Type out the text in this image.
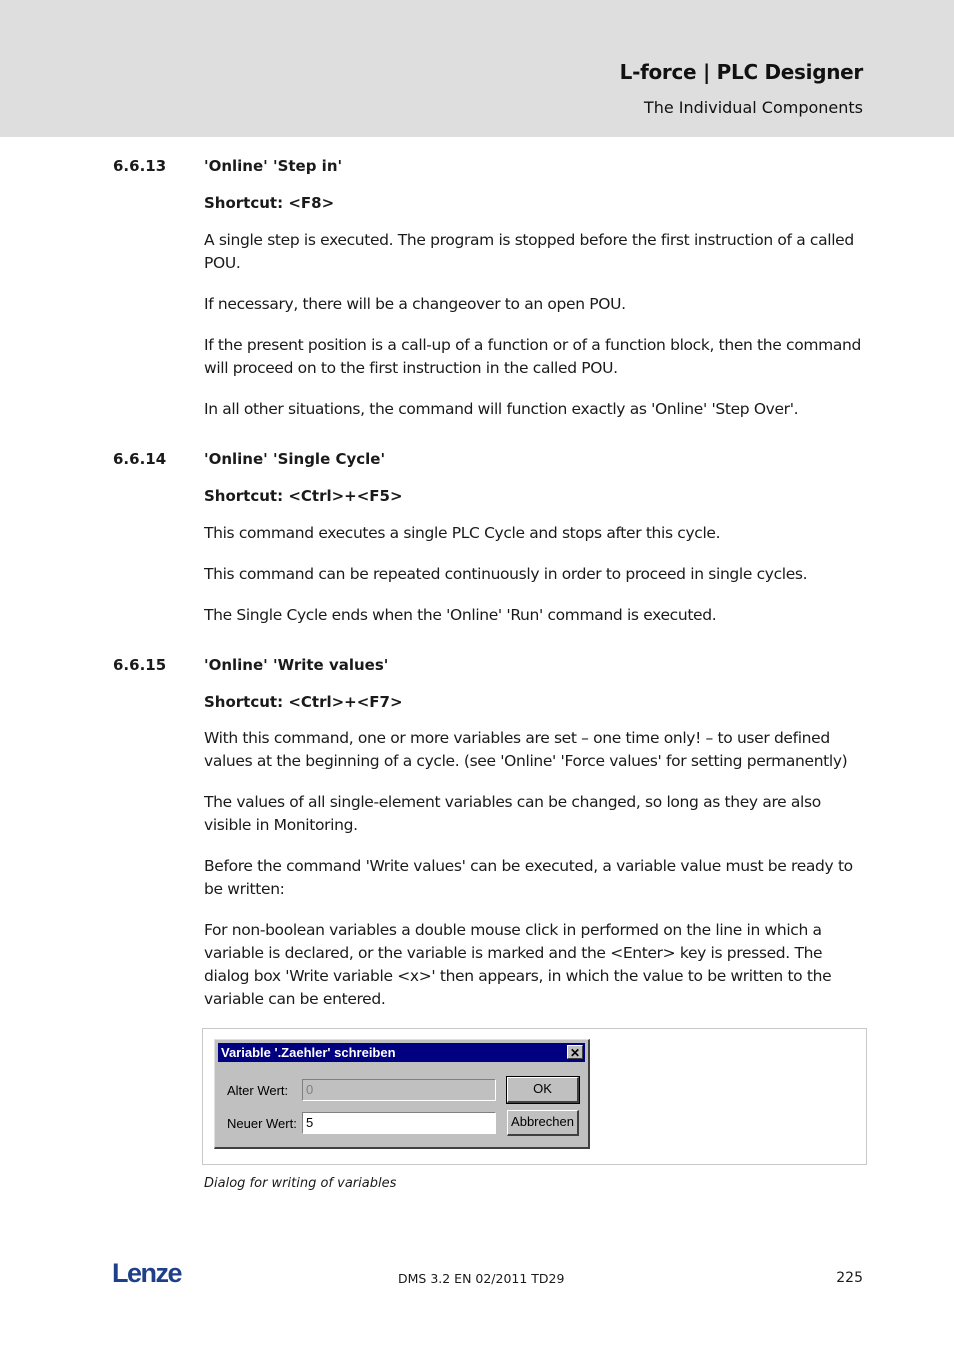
L-force | PLC Designer
The Individual Components
6.6.13	'Online' 'Step in'
Shortcut: <F8>
A single step is executed. The program is stopped before the first instruction of a called POU.
If necessary, there will be a changeover to an open POU.
If the present position is a call-up of a function or of a function block, then the command will proceed on to the first instruction in the called POU.
In all other situations, the command will function exactly as 'Online' 'Step Over'.
6.6.14	'Online' 'Single Cycle'
Shortcut: <Ctrl>+<F5>
This command executes a single PLC Cycle and stops after this cycle.
This command can be repeated continuously in order to proceed in single cycles.
The Single Cycle ends when the 'Online' 'Run' command is executed.
6.6.15	'Online' 'Write values'
Shortcut: <Ctrl>+<F7>
With this command, one or more variables are set – one time only! – to user defined values at the beginning of a cycle. (see 'Online' 'Force values' for setting permanently)
The values of all single-element variables can be changed, so long as they are also visible in Monitoring.
Before the command 'Write values' can be executed, a variable value must be ready to be written:
For non-boolean variables a double mouse click in performed on the line in which a variable is declared, or the variable is marked and the <Enter> key is pressed. The dialog box 'Write variable <x>' then appears, in which the value to be written to the variable can be entered.
Variable '.Zaehler' schreiben	✕
Alter Wert:	0	OK
Neuer Wert: 5	Abbrechen
Dialog for writing of variables
Lenze	DMS 3.2 EN 02/2011 TD29	225
